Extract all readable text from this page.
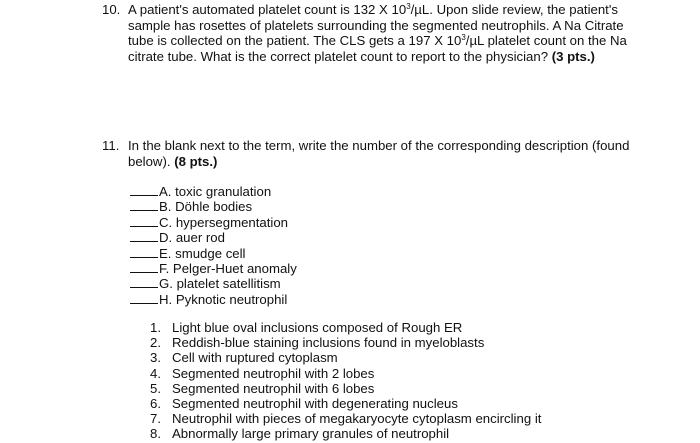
10. A patient's automated platelet count is 132 X $10^3/\mu L$. Upon slide review, the patient's
sample has rosettes of platelets surrounding the segmented neutrophils. A Na Citrate
tube is collected on the patient. The CLS gets a 197 X $10^3/\mu L$ platelet count on the Na
citrate tube. What is the correct platelet count to report to the physician? (3 pts.)
11. In the blank next to the term, write the number of the corresponding description (found
below). (8 pts.)
A. toxic granulation
B. Döhle bodies
C. hypersegmentation
D. auer rod
E. smudge cell
F. Pelger-Huet anomaly
G. platelet satellitism
H. Pyknotic neutrophil
1. Light blue oval inclusions composed of Rough ER
2. Reddish-blue staining inclusions found in myeloblasts
3. Cell with ruptured cytoplasm
4. Segmented neutrophil with 2 lobes
5. Segmented neutrophil with 6 lobes
6. Segmented neutrophil with degenerating nucleus
7. Neutrophil with pieces of megakaryocyte cytoplasm encircling it
8. Abnormally large primary granules of neutrophil
